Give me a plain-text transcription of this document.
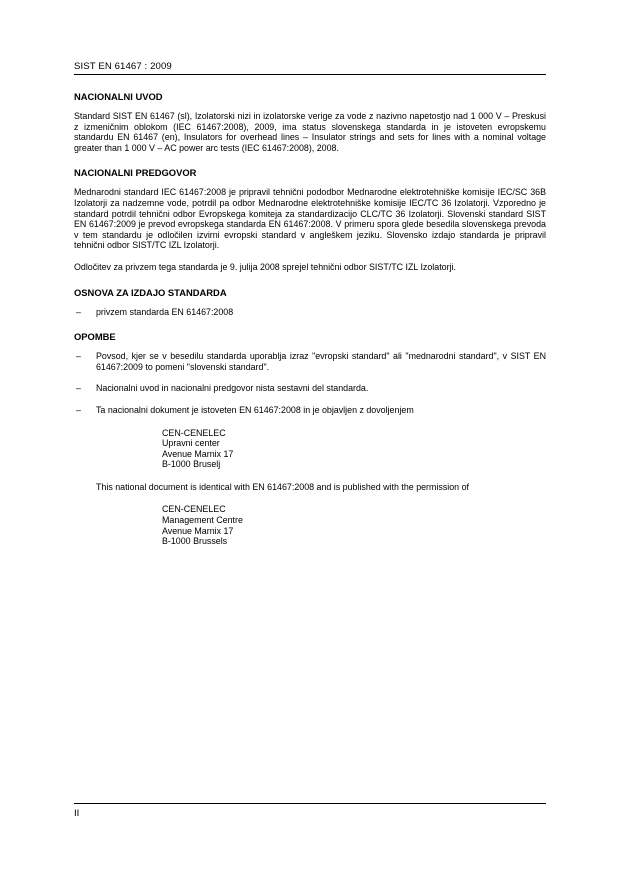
SIST EN 61467 : 2009
NACIONALNI UVOD

Standard SIST EN 61467 (sl), Izolatorski nizi in izolatorske verige za vode z nazivno napetostjo nad 1 000 V – Preskusi z izmeničnim oblokom (IEC 61467:2008), 2009, ima status slovenskega standarda in je istoveten evropskemu standardu EN 61467 (en), Insulators for overhead lines – Insulator strings and sets for lines with a nominal voltage greater than 1 000 V – AC power arc tests (IEC 61467:2008), 2008.

NACIONALNI PREDGOVOR

Mednarodni standard IEC 61467:2008 je pripravil tehnični pododbor Mednarodne elektrotehniške komisije IEC/SC 36B Izolatorji za nadzemne vode, potrdil pa odbor Mednarodne elektrotehniške komisije IEC/TC 36 Izolatorji. Vzporedno je standard potrdil tehnični odbor Evropskega komiteja za standardizacijo CLC/TC 36 Izolatorji. Slovenski standard SIST EN 61467:2009 je prevod evropskega standarda EN 61467:2008. V primeru spora glede besedila slovenskega prevoda v tem standardu je odločilen izvirni evropski standard v angleškem jeziku. Slovensko izdajo standarda je pripravil tehnični odbor SIST/TC IZL Izolatorji.

Odločitev za privzem tega standarda je 9. julija 2008 sprejel tehnični odbor SIST/TC IZL Izolatorji.

OSNOVA ZA IZDAJO STANDARDA
– privzem standarda EN 61467:2008
OPOMBE
– Povsod, kjer se v besedilu standarda uporablja izraz "evropski standard" ali "mednarodni standard", v SIST EN 61467:2009 to pomeni "slovenski standard".
– Nacionalni uvod in nacionalni predgovor nista sestavni del standarda.
– Ta nacionalni dokument je istoveten EN 61467:2008 in je objavljen z dovoljenjem
CEN-CENELEC
Upravni center
Avenue Marnix 17
B-1000 Bruselj
This national document is identical with EN 61467:2008 and is published with the permission of
CEN-CENELEC
Management Centre
Avenue Marnix 17
B-1000 Brussels
II
